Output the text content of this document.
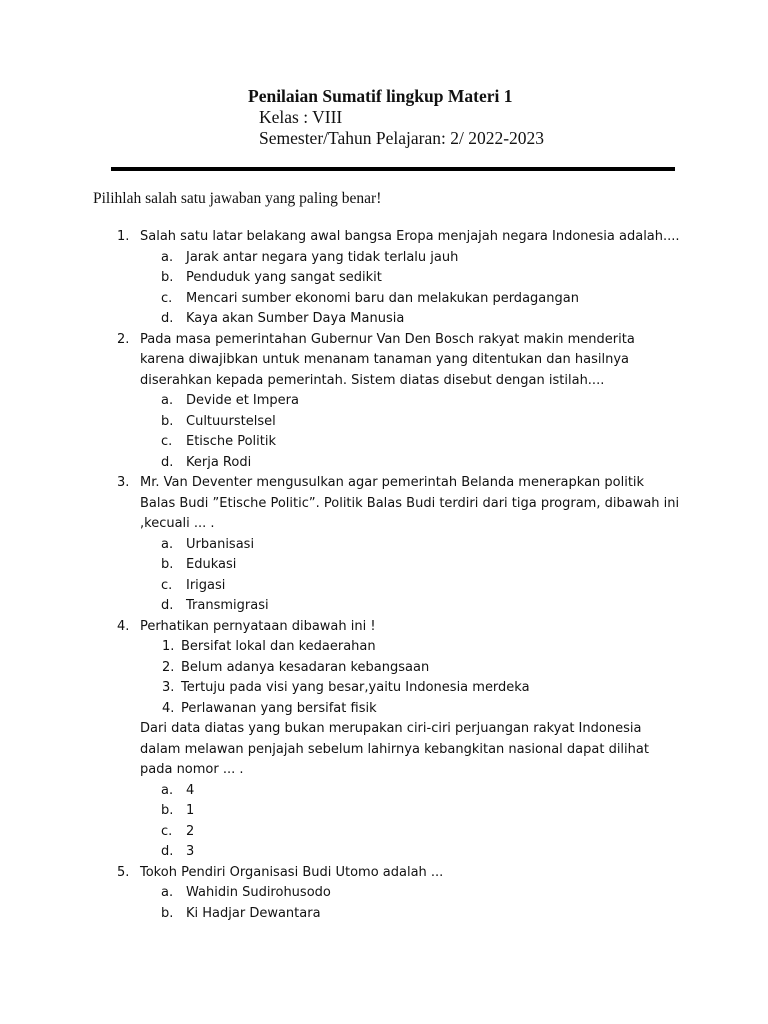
Penilaian Sumatif lingkup Materi 1
Kelas : VIII
Semester/Tahun Pelajaran: 2/ 2022-2023
Pilihlah salah satu jawaban yang paling benar!
1. Salah satu latar belakang awal bangsa Eropa menjajah negara Indonesia adalah....
a. Jarak antar negara yang tidak terlalu jauh
b. Penduduk yang sangat sedikit
c. Mencari sumber ekonomi baru dan melakukan perdagangan
d. Kaya akan Sumber Daya Manusia
2. Pada masa pemerintahan Gubernur Van Den Bosch rakyat makin menderita karena diwajibkan untuk menanam tanaman yang ditentukan dan hasilnya diserahkan kepada pemerintah. Sistem diatas disebut dengan istilah....
a. Devide et Impera
b. Cultuurstelsel
c. Etische Politik
d. Kerja Rodi
3. Mr. Van Deventer mengusulkan agar pemerintah Belanda menerapkan politik Balas Budi ”Etische Politic”. Politik Balas Budi terdiri dari tiga program, dibawah ini ,kecuali ... .
a. Urbanisasi
b. Edukasi
c. Irigasi
d. Transmigrasi
4. Perhatikan pernyataan dibawah ini !
1. Bersifat lokal dan kedaerahan
2. Belum adanya kesadaran kebangsaan
3. Tertuju pada visi yang besar,yaitu Indonesia merdeka
4. Perlawanan yang bersifat fisik
Dari data diatas yang bukan merupakan ciri-ciri perjuangan rakyat Indonesia dalam melawan penjajah sebelum lahirnya kebangkitan nasional dapat dilihat pada nomor ... .
a. 4
b. 1
c. 2
d. 3
5. Tokoh Pendiri Organisasi Budi Utomo adalah ...
a. Wahidin Sudirohusodo
b. Ki Hadjar Dewantara
